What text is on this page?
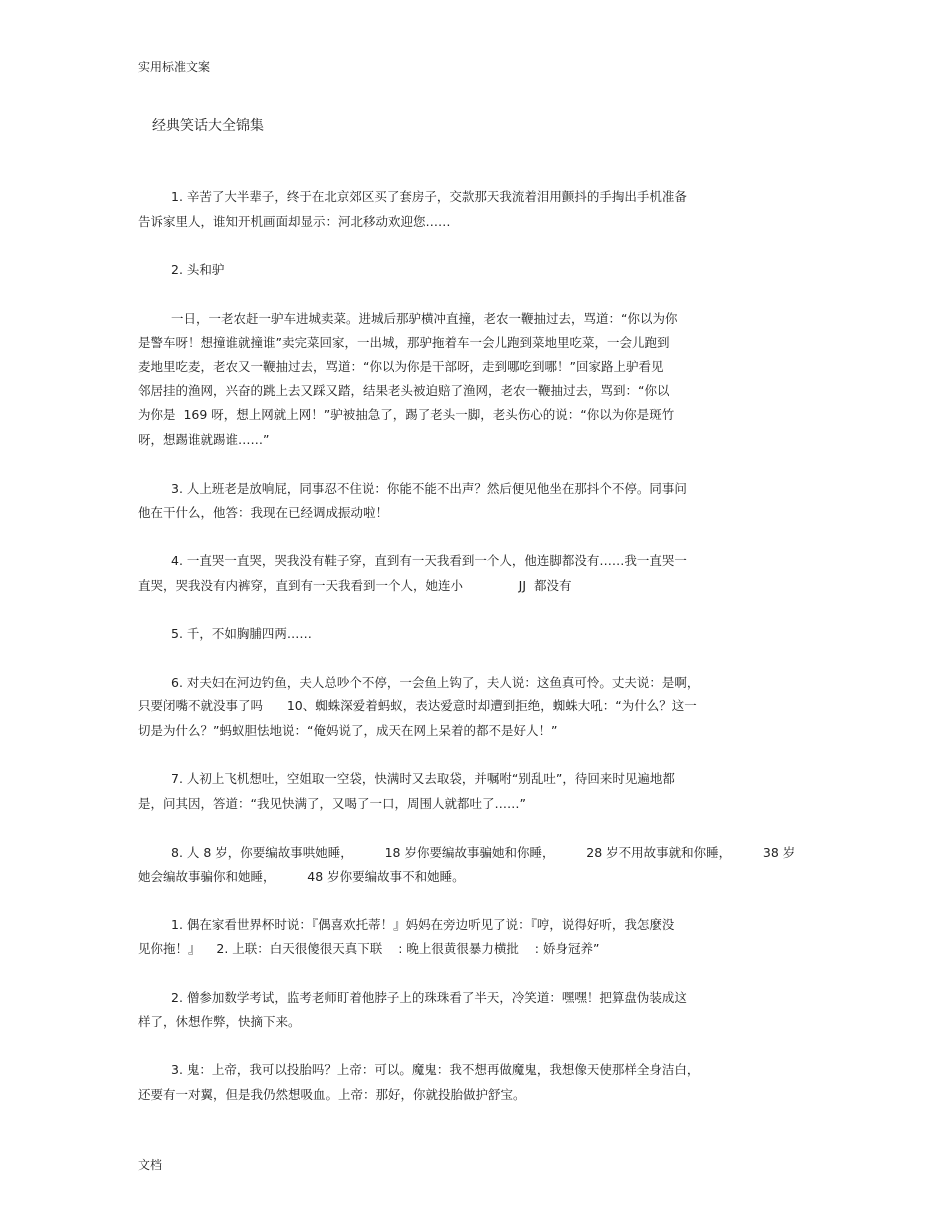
实用标准文案
经典笑话大全锦集
1. 辛苦了大半辈子，终于在北京郊区买了套房子，交款那天我流着泪用颤抖的手掏出手机准备
告诉家里人，谁知开机画面却显示：河北移动欢迎您……
2. 头和驴
一日，一老农赶一驴车进城卖菜。进城后那驴横冲直撞，老农一鞭抽过去，骂道：“你以为你
是警车呀！想撞谁就撞谁”卖完菜回家，一出城，那驴拖着车一会儿跑到菜地里吃菜，一会儿跑到
麦地里吃麦，老农又一鞭抽过去，骂道：“你以为你是干部呀，走到哪吃到哪！”回家路上驴看见
邻居挂的渔网，兴奋的跳上去又踩又踏，结果老头被迫赔了渔网，老农一鞭抽过去，骂到：“你以
为你是  169 呀，想上网就上网！”驴被抽急了，踢了老头一脚，老头伤心的说：“你以为你是斑竹
呀，想踢谁就踢谁……”
3. 人上班老是放响屁，同事忍不住说：你能不能不出声？然后便见他坐在那抖个不停。同事问
他在干什么，他答：我现在已经调成振动啦！
4. 一直哭一直哭，哭我没有鞋子穿，直到有一天我看到一个人，他连脚都没有……我一直哭一
直哭，哭我没有内裤穿，直到有一天我看到一个人，她连小              JJ  都没有
5. 千，不如胸脯四两……
6. 对夫妇在河边钓鱼，夫人总吵个不停，一会鱼上钩了，夫人说：这鱼真可怜。丈夫说：是啊，
只要闭嘴不就没事了吗      10、蜘蛛深爱着蚂蚁，表达爱意时却遭到拒绝，蜘蛛大吼：“为什么？这一
切是为什么？”蚂蚁胆怯地说：“俺妈说了，成天在网上呆着的都不是好人！”
7. 人初上飞机想吐，空姐取一空袋，快满时又去取袋，并嘱咐“别乱吐”，待回来时见遍地都
是，问其因，答道：“我见快满了，又喝了一口，周围人就都吐了……”
8. 人 8 岁，你要编故事哄她睡，        18 岁你要编故事骗她和你睡，        28 岁不用故事就和你睡，        38 岁
她会编故事骗你和她睡，        48 岁你要编故事不和她睡。
1. 偶在家看世界杯时说：『偶喜欢托蒂！』妈妈在旁边听见了说：『哼，说得好听，我怎麼没
见你拖！』    2. 上联：白天很傻很天真下联    : 晚上很黄很暴力横批    : 娇身冠养”
2. 僧参加数学考试，监考老师盯着他脖子上的珠珠看了半天，冷笑道：嘿嘿！把算盘伪装成这
样了，休想作弊，快摘下来。
3. 鬼：上帝，我可以投胎吗？上帝：可以。魔鬼：我不想再做魔鬼，我想像天使那样全身洁白，
还要有一对翼，但是我仍然想吸血。上帝：那好，你就投胎做护舒宝。
文档
